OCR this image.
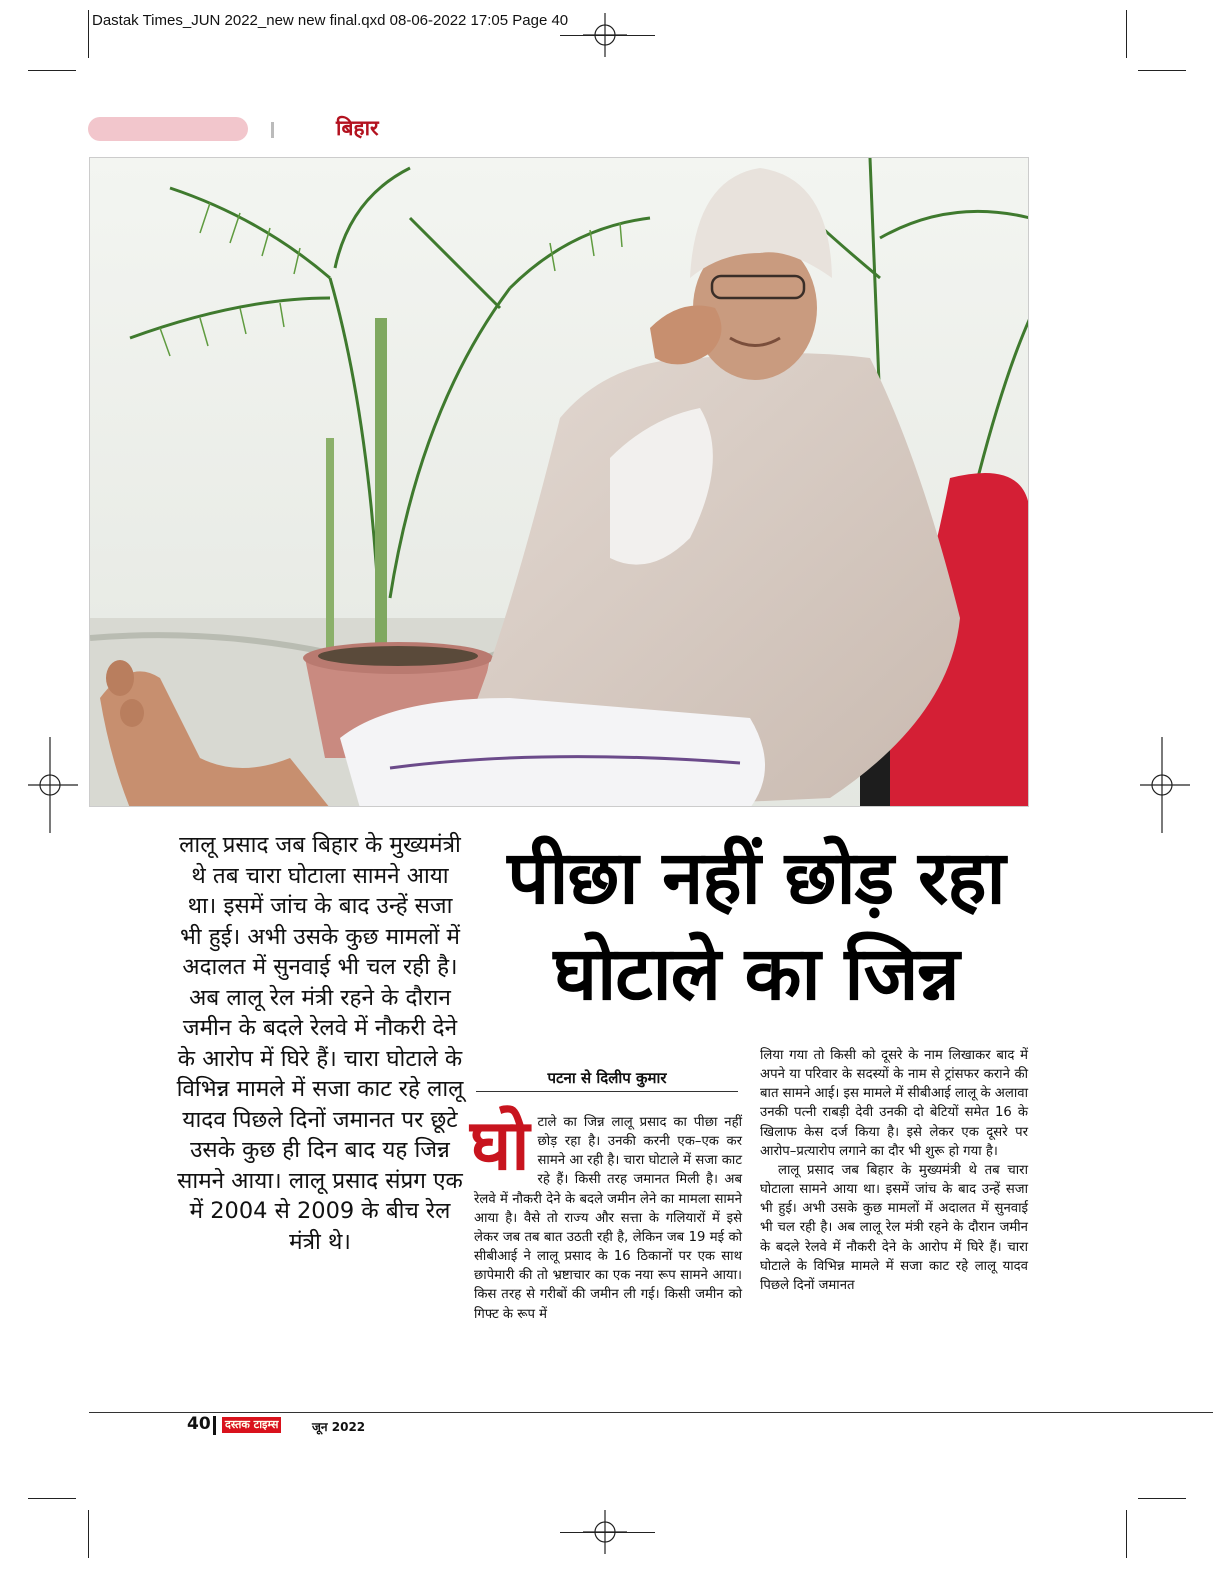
Dastak Times_JUN 2022_new new final.qxd 08-06-2022 17:05 Page 40
बिहार
लालू प्रसाद जब बिहार के मुख्यमंत्री थे तब चारा घोटाला सामने आया था। इसमें जांच के बाद उन्हें सजा भी हुई। अभी उसके कुछ मामलों में अदालत में सुनवाई भी चल रही है। अब लालू रेल मंत्री रहने के दौरान जमीन के बदले रेलवे में नौकरी देने के आरोप में घिरे हैं। चारा घोटाले के विभिन्न मामले में सजा काट रहे लालू यादव पिछले दिनों जमानत पर छूटे उसके कुछ ही दिन बाद यह जिन्न सामने आया। लालू प्रसाद संप्रग एक में 2004 से 2009 के बीच रेल मंत्री थे।
पीछा नहीं छोड़ रहा
घोटाले का जिन्न
पटना से दिलीप कुमार
घो टाले का जिन्न लालू प्रसाद का पीछा नहीं छोड़ रहा है। उनकी करनी एक–एक कर सामने आ रही है। चारा घोटाले में सजा काट रहे हैं। किसी तरह जमानत मिली है। अब रेलवे में नौकरी देने के बदले जमीन लेने का मामला सामने आया है। वैसे तो राज्य और सत्ता के गलियारों में इसे लेकर जब तब बात उठती रही है, लेकिन जब 19 मई को सीबीआई ने लालू प्रसाद के 16 ठिकानों पर एक साथ छापेमारी की तो भ्रष्टाचार का एक नया रूप सामने आया। किस तरह से गरीबों की जमीन ली गई। किसी जमीन को गिफ्ट के रूप में
लिया गया तो किसी को दूसरे के नाम लिखाकर बाद में अपने या परिवार के सदस्यों के नाम से ट्रांसफर कराने की बात सामने आई। इस मामले में सीबीआई लालू के अलावा उनकी पत्नी राबड़ी देवी उनकी दो बेटियों समेत 16 के खिलाफ केस दर्ज किया है। इसे लेकर एक दूसरे पर आरोप–प्रत्यारोप लगाने का दौर भी शुरू हो गया है।
लालू प्रसाद जब बिहार के मुख्यमंत्री थे तब चारा घोटाला सामने आया था। इसमें जांच के बाद उन्हें सजा भी हुई। अभी उसके कुछ मामलों में अदालत में सुनवाई भी चल रही है। अब लालू रेल मंत्री रहने के दौरान जमीन के बदले रेलवे में नौकरी देने के आरोप में घिरे हैं। चारा घोटाले के विभिन्न मामले में सजा काट रहे लालू यादव पिछले दिनों जमानत
40 दस्तक टाइम्स	जून 2022
